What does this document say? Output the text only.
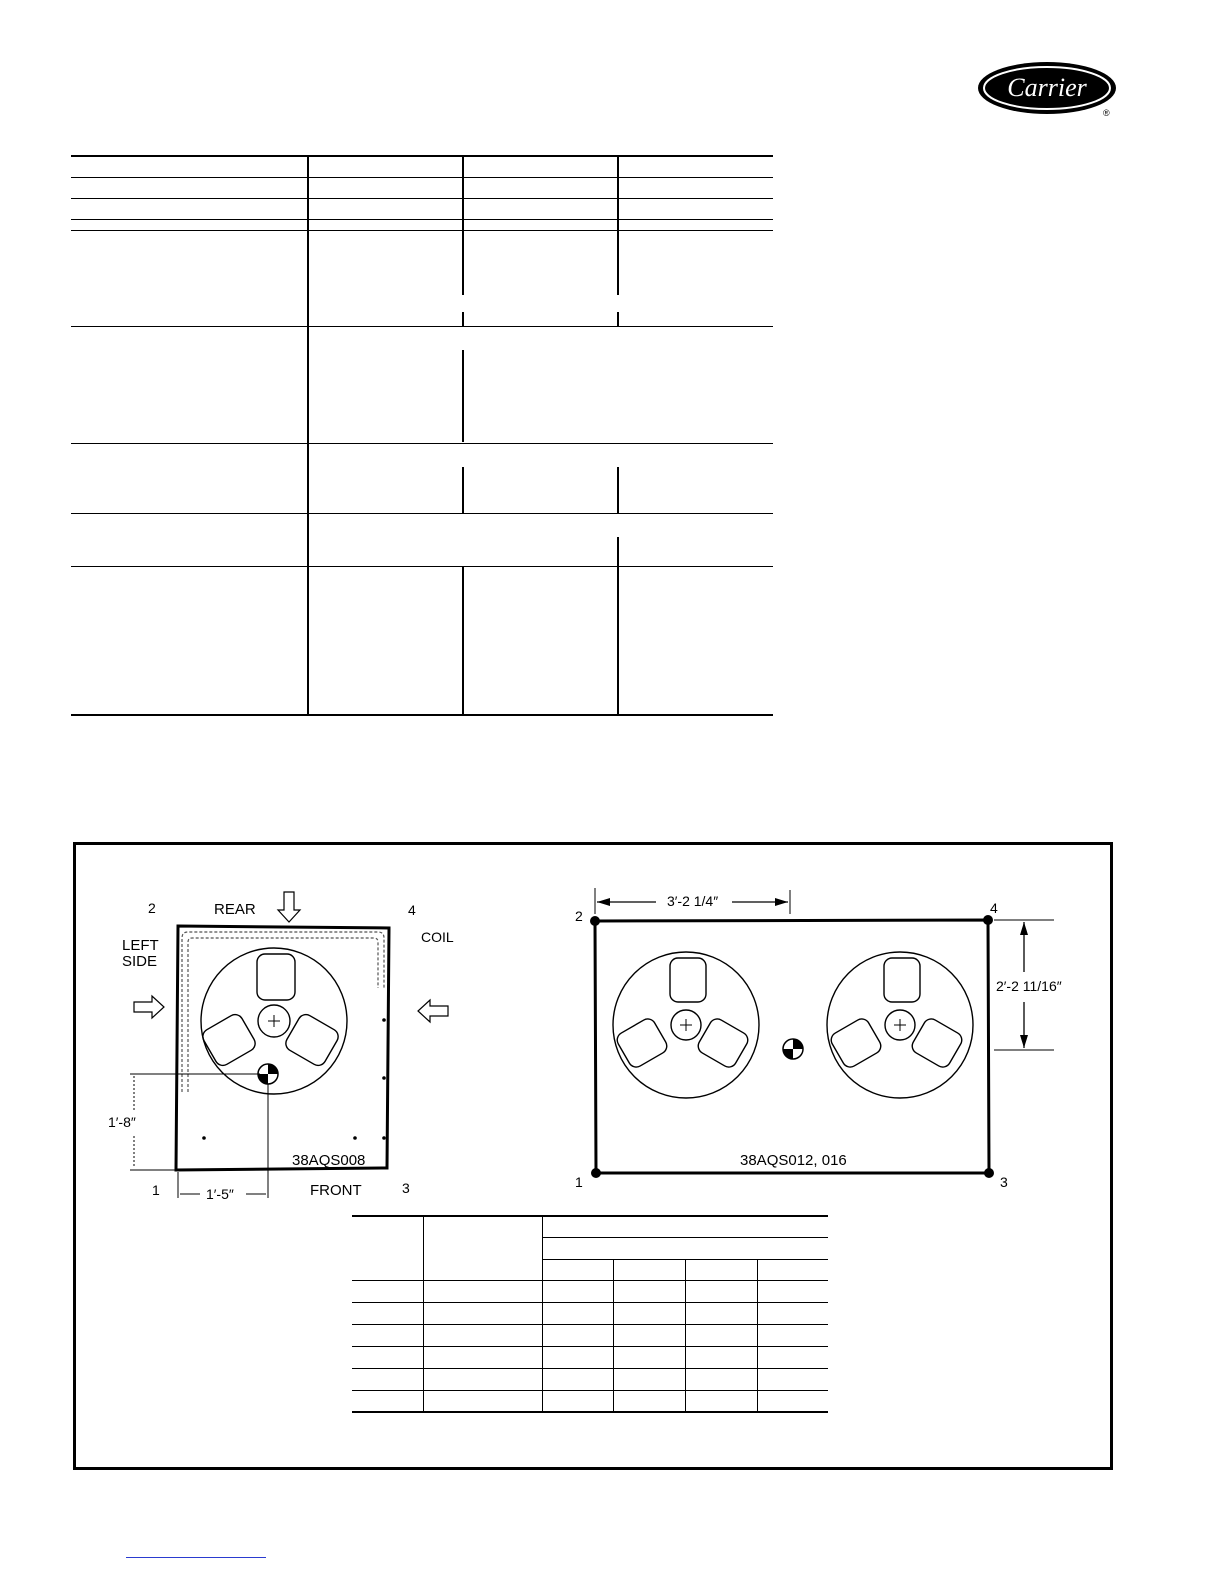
Carrier
®
2	REAR	4
COIL
LEFT
SIDE
1′-8″
38AQS008
1	1′-5″	FRONT	3
3′-2 1/4″
2	4
2′-2 11/16″
38AQS012, 016
1	3
